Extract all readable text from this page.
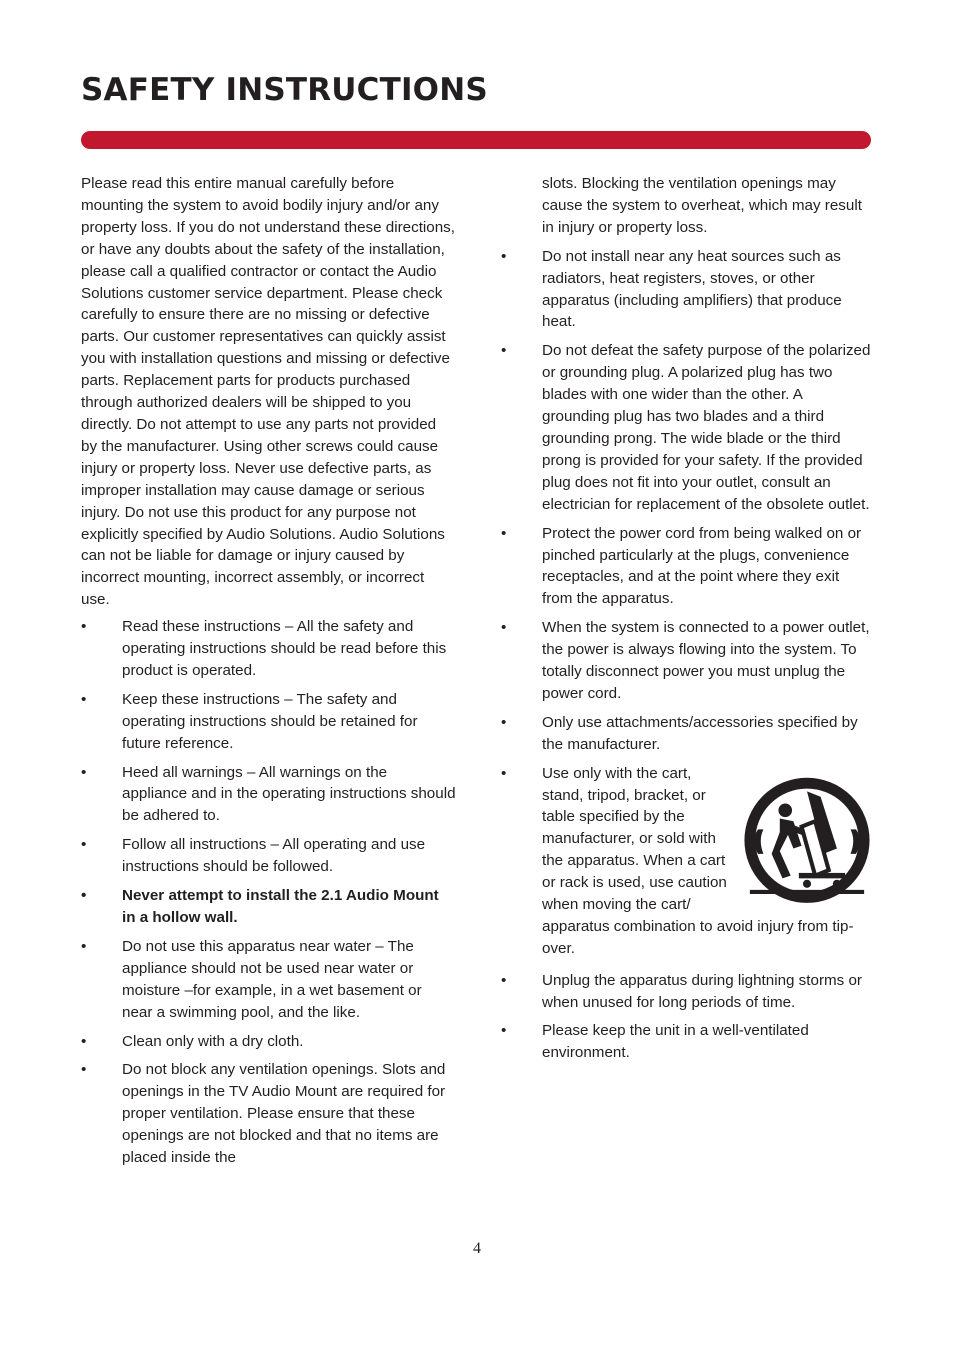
SAFETY INSTRUCTIONS

Please read this entire manual carefully before mounting the system to avoid bodily injury and/or any property loss. If you do not understand these directions, or have any doubts about the safety of the installation, please call a qualified contractor or contact the Audio Solutions customer service department. Please check carefully to ensure there are no missing or defective parts. Our customer representatives can quickly assist you with installation questions and missing or defective parts. Replacement parts for products purchased through authorized dealers will be shipped to you directly. Do not attempt to use any parts not provided by the manufacturer. Using other screws could cause injury or property loss. Never use defective parts, as improper installation may cause damage or serious injury. Do not use this product for any purpose not explicitly specified by Audio Solutions. Audio Solutions can not be liable for damage or injury caused by incorrect mounting, incorrect assembly, or incorrect use.

• Read these instructions – All the safety and operating instructions should be read before this product is operated.
• Keep these instructions – The safety and operating instructions should be retained for future reference.
• Heed all warnings – All warnings on the appliance and in the operating instructions should be adhered to.
• Follow all instructions – All operating and use instructions should be followed.
• Never attempt to install the 2.1 Audio Mount in a hollow wall.
• Do not use this apparatus near water – The appliance should not be used near water or moisture –for example, in a wet basement or near a swimming pool, and the like.
• Clean only with a dry cloth.
• Do not block any ventilation openings. Slots and openings in the TV Audio Mount are required for proper ventilation. Please ensure that these openings are not blocked and that no items are placed inside the

slots. Blocking the ventilation openings may cause the system to overheat, which may result in injury or property loss.

• Do not install near any heat sources such as radiators, heat registers, stoves, or other apparatus (including amplifiers) that produce heat.
• Do not defeat the safety purpose of the polarized or grounding plug. A polarized plug has two blades with one wider than the other. A grounding plug has two blades and a third grounding prong. The wide blade or the third prong is provided for your safety. If the provided plug does not fit into your outlet, consult an electrician for replacement of the obsolete outlet.
• Protect the power cord from being walked on or pinched particularly at the plugs, convenience receptacles, and at the point where they exit from the apparatus.
• When the system is connected to a power outlet, the power is always flowing into the system. To totally disconnect power you must unplug the power cord.
• Only use attachments/accessories specified by the manufacturer.
• Use only with the cart, stand, tripod, bracket, or table specified by the manufacturer, or sold with the apparatus. When a cart or rack is used, use caution when moving the cart/ apparatus combination to avoid injury from tip-over.
• Unplug the apparatus during lightning storms or when unused for long periods of time.
• Please keep the unit in a well-ventilated environment.
4
